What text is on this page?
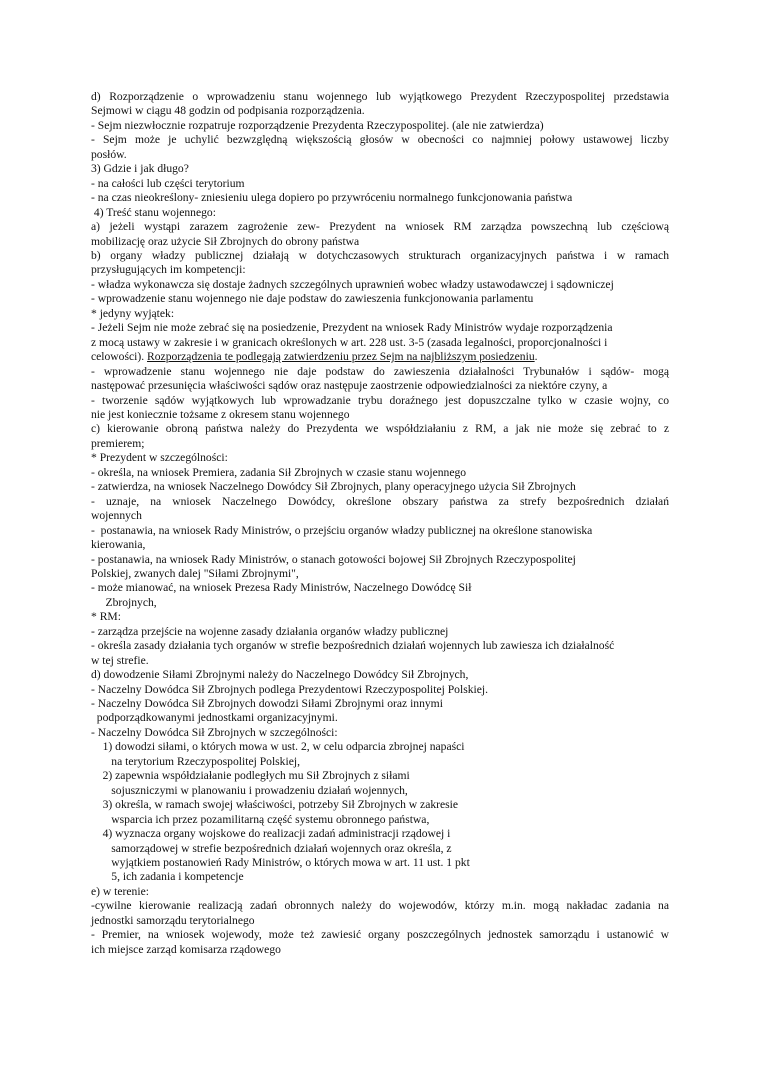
d) Rozporządzenie o wprowadzeniu stanu wojennego lub wyjątkowego Prezydent Rzeczypospolitej przedstawia
Sejmowi w ciągu 48 godzin od podpisania rozporządzenia.
- Sejm niezwłocznie rozpatruje rozporządzenie Prezydenta Rzeczypospolitej. (ale nie zatwierdza)
- Sejm może je uchylić bezwzględną większością głosów w obecności co najmniej połowy ustawowej liczby
posłów.
3) Gdzie i jak długo?
- na całości lub części terytorium
- na czas nieokreślony- zniesieniu ulega dopiero po przywróceniu normalnego funkcjonowania państwa
4) Treść stanu wojennego:
a) jeżeli wystąpi zarazem zagrożenie zew- Prezydent na wniosek RM zarządza powszechną lub częściową
mobilizację oraz użycie Sił Zbrojnych do obrony państwa
b) organy władzy publicznej działają w dotychczasowych strukturach organizacyjnych państwa i w ramach
przysługujących im kompetencji:
- władza wykonawcza się dostaje żadnych szczególnych uprawnień wobec władzy ustawodawczej i sądowniczej
- wprowadzenie stanu wojennego nie daje podstaw do zawieszenia funkcjonowania parlamentu
* jedyny wyjątek:
- Jeżeli Sejm nie może zebrać się na posiedzenie, Prezydent na wniosek Rady Ministrów wydaje rozporządzenia
z mocą ustawy w zakresie i w granicach określonych w art. 228 ust. 3-5 (zasada legalności, proporcjonalności i
celowości). Rozporządzenia te podlegają zatwierdzeniu przez Sejm na najbliższym posiedzeniu.
- wprowadzenie stanu wojennego nie daje podstaw do zawieszenia działalności Trybunałów i sądów- mogą
następować przesunięcia właściwości sądów oraz następuje zaostrzenie odpowiedzialności za niektóre czyny, a
- tworzenie sądów wyjątkowych lub wprowadzanie trybu doraźnego jest dopuszczalne tylko w czasie wojny, co
nie jest koniecznie tożsame z okresem stanu wojennego
c) kierowanie obroną państwa należy do Prezydenta we współdziałaniu z RM, a jak nie może się zebrać to z
premierem;
* Prezydent w szczególności:
- określa, na wniosek Premiera, zadania Sił Zbrojnych w czasie stanu wojennego
- zatwierdza, na wniosek Naczelnego Dowódcy Sił Zbrojnych, plany operacyjnego użycia Sił Zbrojnych
- uznaje, na wniosek Naczelnego Dowódcy, określone obszary państwa za strefy bezpośrednich działań
wojennych
-  postanawia, na wniosek Rady Ministrów, o przejściu organów władzy publicznej na określone stanowiska
kierowania,
- postanawia, na wniosek Rady Ministrów, o stanach gotowości bojowej Sił Zbrojnych Rzeczypospolitej
Polskiej, zwanych dalej "Siłami Zbrojnymi",
- może mianować, na wniosek Prezesa Rady Ministrów, Naczelnego Dowódcę Sił
Zbrojnych,
* RM:
- zarządza przejście na wojenne zasady działania organów władzy publicznej
- określa zasady działania tych organów w strefie bezpośrednich działań wojennych lub zawiesza ich działalność
w tej strefie.
d) dowodzenie Siłami Zbrojnymi należy do Naczelnego Dowódcy Sił Zbrojnych,
- Naczelny Dowódca Sił Zbrojnych podlega Prezydentowi Rzeczypospolitej Polskiej.
- Naczelny Dowódca Sił Zbrojnych dowodzi Siłami Zbrojnymi oraz innymi
podporządkowanymi jednostkami organizacyjnymi.
- Naczelny Dowódca Sił Zbrojnych w szczególności:
1) dowodzi siłami, o których mowa w ust. 2, w celu odparcia zbrojnej napaści
na terytorium Rzeczypospolitej Polskiej,
2) zapewnia współdziałanie podległych mu Sił Zbrojnych z siłami
sojuszniczymi w planowaniu i prowadzeniu działań wojennych,
3) określa, w ramach swojej właściwości, potrzeby Sił Zbrojnych w zakresie
wsparcia ich przez pozamilitarną część systemu obronnego państwa,
4) wyznacza organy wojskowe do realizacji zadań administracji rządowej i
samorządowej w strefie bezpośrednich działań wojennych oraz określa, z
wyjątkiem postanowień Rady Ministrów, o których mowa w art. 11 ust. 1 pkt
5, ich zadania i kompetencje
e) w terenie:
-cywilne kierowanie realizacją zadań obronnych należy do wojewodów, którzy m.in. mogą nakładac zadania na
jednostki samorządu terytorialnego
- Premier, na wniosek wojewody, może też zawiesić organy poszczególnych jednostek samorządu i ustanowić w
ich miejsce zarząd komisarza rządowego
